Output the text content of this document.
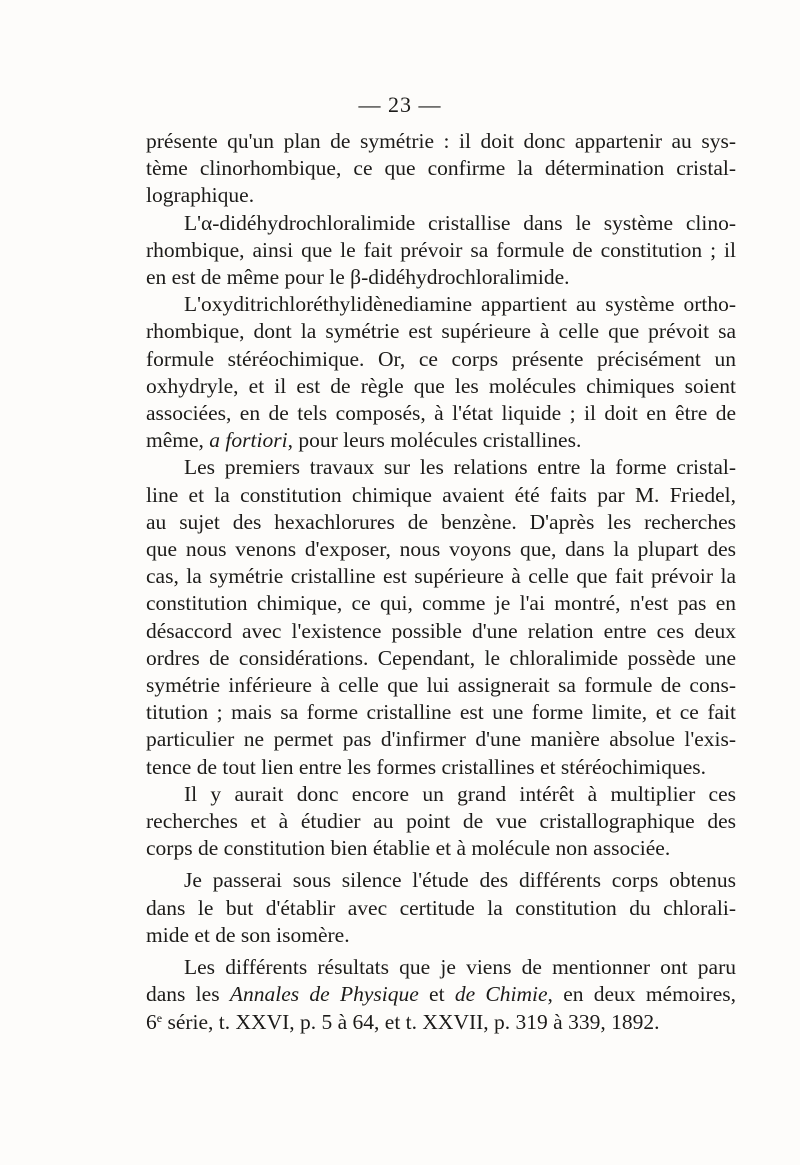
— 23 —
présente qu'un plan de symétrie : il doit donc appartenir au sys-
tème clinorhombique, ce que confirme la détermination cristal-
lographique.
L'α-didéhydrochloralimide cristallise dans le système clino-
rhombique, ainsi que le fait prévoir sa formule de constitution ; il
en est de même pour le β-didéhydrochloralimide.
L'oxyditrichloréthylidènediamine appartient au système ortho-
rhombique, dont la symétrie est supérieure à celle que prévoit sa
formule stéréochimique. Or, ce corps présente précisément un
oxhydryle, et il est de règle que les molécules chimiques soient
associées, en de tels composés, à l'état liquide ; il doit en être de
même, a fortiori, pour leurs molécules cristallines.
Les premiers travaux sur les relations entre la forme cristal-
line et la constitution chimique avaient été faits par M. Friedel,
au sujet des hexachlorures de benzène. D'après les recherches
que nous venons d'exposer, nous voyons que, dans la plupart des
cas, la symétrie cristalline est supérieure à celle que fait prévoir la
constitution chimique, ce qui, comme je l'ai montré, n'est pas en
désaccord avec l'existence possible d'une relation entre ces deux
ordres de considérations. Cependant, le chloralimide possède une
symétrie inférieure à celle que lui assignerait sa formule de cons-
titution ; mais sa forme cristalline est une forme limite, et ce fait
particulier ne permet pas d'infirmer d'une manière absolue l'exis-
tence de tout lien entre les formes cristallines et stéréochimiques.
Il y aurait donc encore un grand intérêt à multiplier ces
recherches et à étudier au point de vue cristallographique des
corps de constitution bien établie et à molécule non associée.
Je passerai sous silence l'étude des différents corps obtenus
dans le but d'établir avec certitude la constitution du chlorali-
mide et de son isomère.
Les différents résultats que je viens de mentionner ont paru
dans les Annales de Physique et de Chimie, en deux mémoires,
6e série, t. XXVI, p. 5 à 64, et t. XXVII, p. 319 à 339, 1892.
